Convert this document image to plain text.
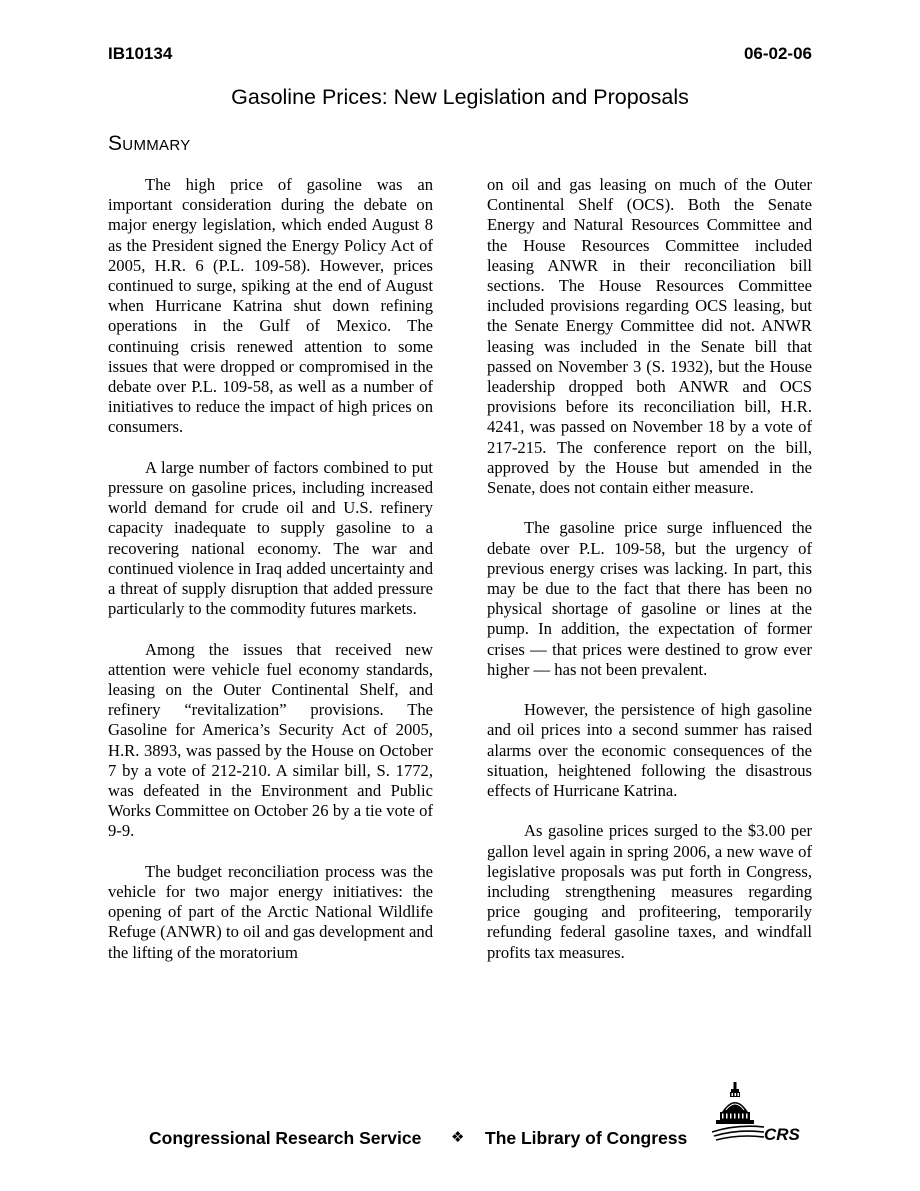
IB10134	06-02-06
Gasoline Prices: New Legislation and Proposals
Summary

The high price of gasoline was an important consideration during the debate on major energy legislation, which ended August 8 as the President signed the Energy Policy Act of 2005, H.R. 6 (P.L. 109-58). However, prices continued to surge, spiking at the end of August when Hurricane Katrina shut down refining operations in the Gulf of Mexico. The continuing crisis renewed attention to some issues that were dropped or compromised in the debate over P.L. 109-58, as well as a number of initiatives to reduce the impact of high prices on consumers.

A large number of factors combined to put pressure on gasoline prices, including increased world demand for crude oil and U.S. refinery capacity inadequate to supply gasoline to a recovering national economy. The war and continued violence in Iraq added uncertainty and a threat of supply disruption that added pressure particularly to the commodity futures markets.

Among the issues that received new attention were vehicle fuel economy standards, leasing on the Outer Continental Shelf, and refinery “revitalization” provisions. The Gasoline for America’s Security Act of 2005, H.R. 3893, was passed by the House on October 7 by a vote of 212-210. A similar bill, S. 1772, was defeated in the Environment and Public Works Committee on October 26 by a tie vote of 9-9.

The budget reconciliation process was the vehicle for two major energy initiatives: the opening of part of the Arctic National Wildlife Refuge (ANWR) to oil and gas development and the lifting of the moratorium

on oil and gas leasing on much of the Outer Continental Shelf (OCS). Both the Senate Energy and Natural Resources Committee and the House Resources Committee included leasing ANWR in their reconciliation bill sections. The House Resources Committee included provisions regarding OCS leasing, but the Senate Energy Committee did not. ANWR leasing was included in the Senate bill that passed on November 3 (S. 1932), but the House leadership dropped both ANWR and OCS provisions before its reconciliation bill, H.R. 4241, was passed on November 18 by a vote of 217-215. The conference report on the bill, approved by the House but amended in the Senate, does not contain either measure.

The gasoline price surge influenced the debate over P.L. 109-58, but the urgency of previous energy crises was lacking. In part, this may be due to the fact that there has been no physical shortage of gasoline or lines at the pump. In addition, the expectation of former crises — that prices were destined to grow ever higher — has not been prevalent.

However, the persistence of high gasoline and oil prices into a second summer has raised alarms over the economic consequences of the situation, heightened following the disastrous effects of Hurricane Katrina.

As gasoline prices surged to the $3.00 per gallon level again in spring 2006, a new wave of legislative proposals was put forth in Congress, including strengthening measures regarding price gouging and profiteering, temporarily refunding federal gasoline taxes, and windfall profits tax measures.

Congressional Research Service ❖ The Library of Congress	CRS
